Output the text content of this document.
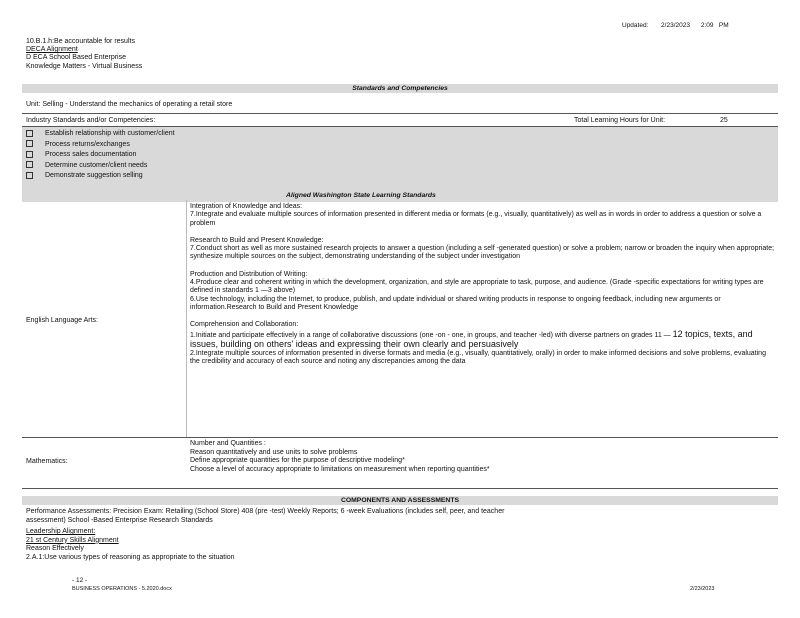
Updated: 2/23/2023 2:09 PM
10.B.1.h:Be accountable for results
DECA Alignment
D ECA School Based Enterprise
Knowledge Matters - Virtual Business
Standards and Competencies
Unit: Selling - Understand the mechanics of operating a retail store
Industry Standards and/or Competencies:	Total Learning Hours for Unit:	25
Establish relationship with customer/client
Process returns/exchanges
Process sales documentation
Determine customer/client needs
Demonstrate suggestion selling
Aligned Washington State Learning Standards
English Language Arts:
Integration of Knowledge and Ideas:
7.Integrate and evaluate multiple sources of information presented in different media or formats (e.g., visually, quantitatively) as well as in words in order to address a question or solve a problem
Research to Build and Present Knowledge:
7.Conduct short as well as more sustained research projects to answer a question (including a self -generated question) or solve a problem; narrow or broaden the inquiry when appropriate; synthesize multiple sources on the subject, demonstrating understanding of the subject under investigation
Production and Distribution of Writing:
4.Produce clear and coherent writing in which the development, organization, and style are appropriate to task, purpose, and audience. (Grade -specific expectations for writing types are defined in standards 1 —3 above)
6.Use technology, including the Internet, to produce, publish, and update individual or shared writing products in response to ongoing feedback, including new arguments or information.Research to Build and Present Knowledge
Comprehension and Collaboration:
1.Initiate and participate effectively in a range of collaborative discussions (one -on - one, in groups, and teacher -led) with diverse partners on grades 11 — 12 topics, texts, and issues, building on others' ideas and expressing their own clearly and persuasively
2.Integrate multiple sources of information presented in diverse formats and media (e.g., visually, quantitatively, orally) in order to make informed decisions and solve problems, evaluating the credibility and accuracy of each source and noting any discrepancies among the data
Mathematics:
Number and Quantities :
Reason quantitatively and use units to solve problems
Define appropriate quantities for the purpose of descriptive modeling*
Choose a level of accuracy appropriate to limitations on measurement when reporting quantities*
COMPONENTS AND ASSESSMENTS
Performance Assessments: Precision Exam: Retailing (School Store) 408 (pre -test) Weekly Reports; 6 -week Evaluations (includes self, peer, and teacher
assessment) School -Based Enterprise Research Standards
Leadership Alignment:
21 st Century Skills Alignment
Reason Effectively
2.A.1:Use various types of reasoning as appropriate to the situation
- 12 -
BUSINESS OPERATIONS - 5.2020.docx	2/23/2023
